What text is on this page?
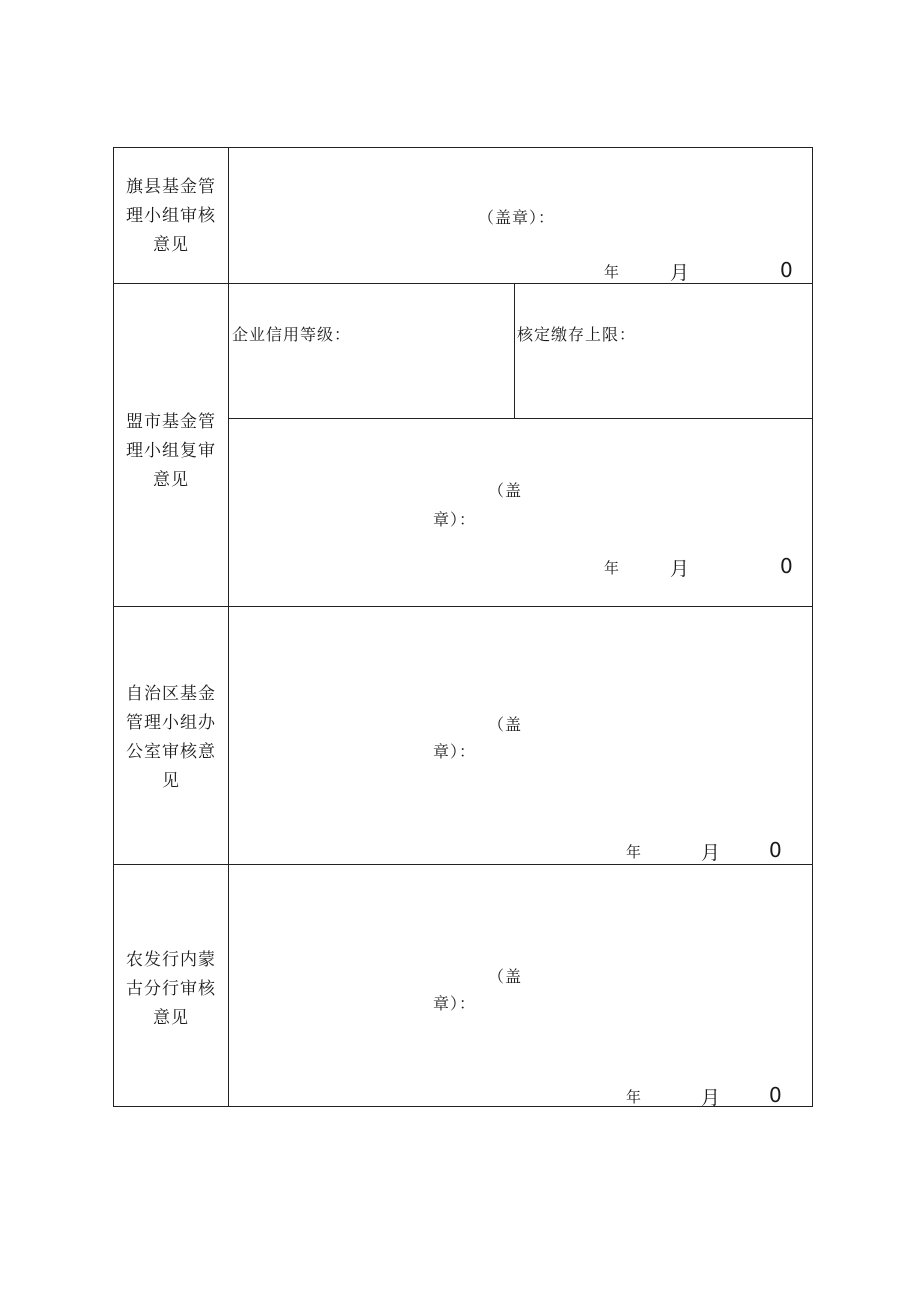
旗县基金管
理小组审核
意见
（盖章）：
年	月	0
盟市基金管
理小组复审
意见
企业信用等级：	核定缴存上限：
（盖
章）：
年	月	0
自治区基金
管理小组办
公室审核意
见
（盖
章）：
年	月 0
农发行内蒙
古分行审核
意见
（盖
章）：
年	月 0
